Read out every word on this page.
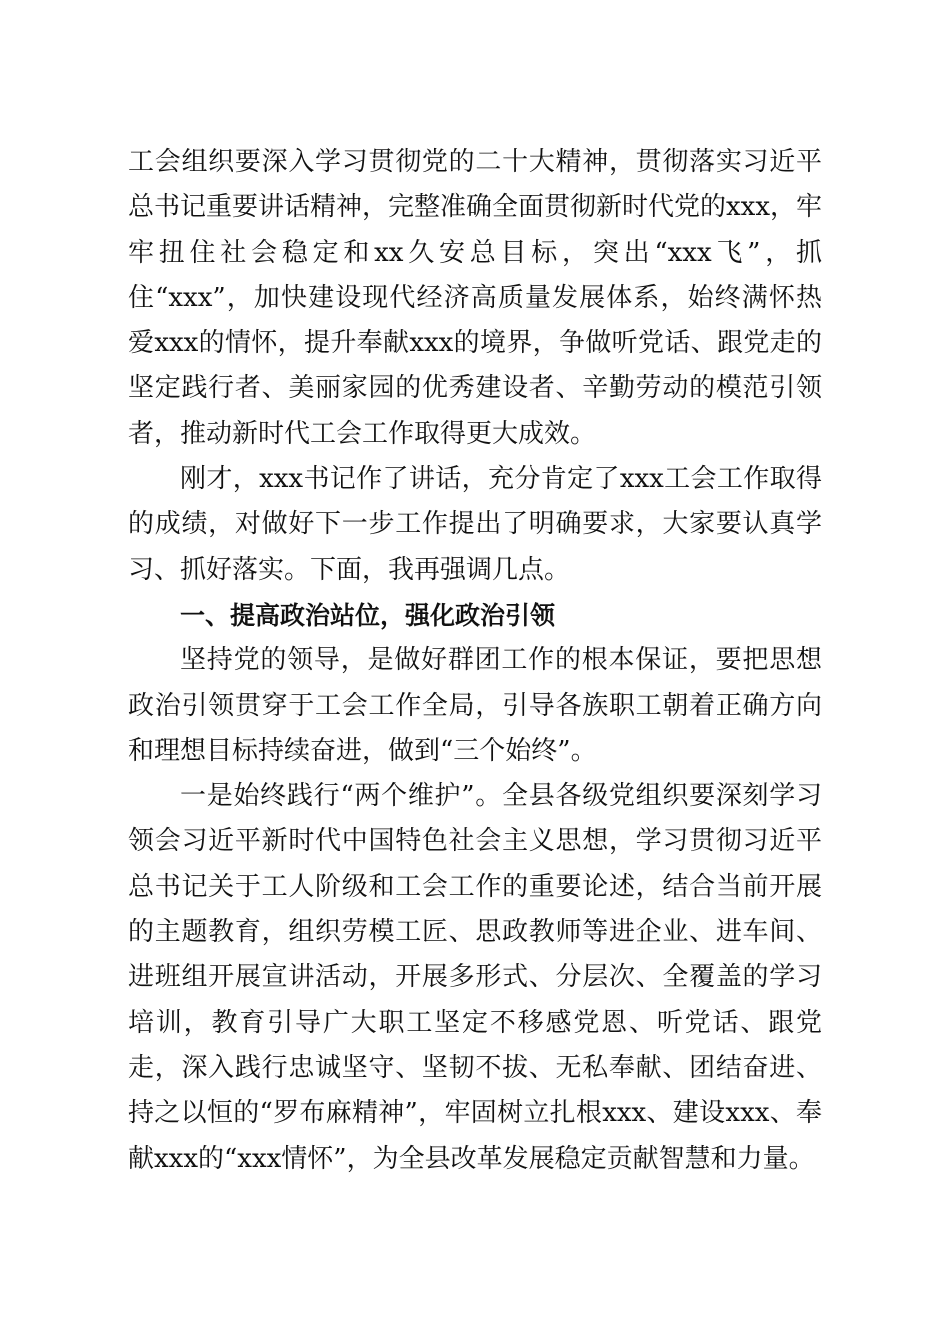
工会组织要深入学习贯彻党的二十大精神，贯彻落实习近平总书记重要讲话精神，完整准确全面贯彻新时代党的xxx，牢牢扭住社会稳定和xx久安总目标，突出“xxx飞”，抓住“xxx”，加快建设现代经济高质量发展体系，始终满怀热爱xxx的情怀，提升奉献xxx的境界，争做听党话、跟党走的坚定践行者、美丽家园的优秀建设者、辛勤劳动的模范引领者，推动新时代工会工作取得更大成效。

刚才，xxx书记作了讲话，充分肯定了xxx工会工作取得的成绩，对做好下一步工作提出了明确要求，大家要认真学习、抓好落实。下面，我再强调几点。

一、提高政治站位，强化政治引领

坚持党的领导，是做好群团工作的根本保证，要把思想政治引领贯穿于工会工作全局，引导各族职工朝着正确方向和理想目标持续奋进，做到“三个始终”。

一是始终践行“两个维护”。全县各级党组织要深刻学习领会习近平新时代中国特色社会主义思想，学习贯彻习近平总书记关于工人阶级和工会工作的重要论述，结合当前开展的主题教育，组织劳模工匠、思政教师等进企业、进车间、进班组开展宣讲活动，开展多形式、分层次、全覆盖的学习培训，教育引导广大职工坚定不移感党恩、听党话、跟党走，深入践行忠诚坚守、坚韧不拔、无私奉献、团结奋进、持之以恒的“罗布麻精神”，牢固树立扎根xxx、建设xxx、奉献xxx的“xxx情怀”，为全县改革发展稳定贡献智慧和力量。
